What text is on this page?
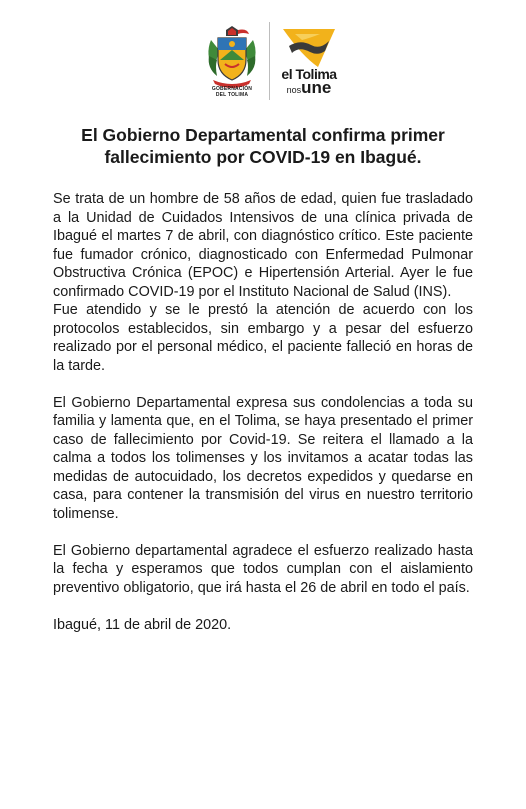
GOBERNACIÓN
DEL TOLIMA
el Tolima
nosune
El Gobierno Departamental confirma primer fallecimiento por COVID-19 en Ibagué.

Se trata de un hombre de 58 años de edad, quien fue trasladado a la Unidad de Cuidados Intensivos de una clínica privada de Ibagué el martes 7 de abril, con diagnóstico crítico. Este paciente fue fumador crónico, diagnosticado con Enfermedad Pulmonar Obstructiva Crónica (EPOC) e Hipertensión Arterial. Ayer le fue confirmado COVID-19 por el Instituto Nacional de Salud (INS).

Fue atendido y se le prestó la atención de acuerdo con los protocolos establecidos, sin embargo y a pesar del esfuerzo realizado por el personal médico, el paciente falleció en horas de la tarde.

El Gobierno Departamental expresa sus condolencias a toda su familia y lamenta que, en el Tolima, se haya presentado el primer caso de fallecimiento por Covid-19. Se reitera el llamado a la calma a todos los tolimenses y los invitamos a acatar todas las medidas de autocuidado, los decretos expedidos y quedarse en casa, para contener la transmisión del virus en nuestro territorio tolimense.

El Gobierno departamental agradece el esfuerzo realizado hasta la fecha y esperamos que todos cumplan con el aislamiento preventivo obligatorio, que irá hasta el 26 de abril en todo el país.

Ibagué, 11 de abril de 2020.
